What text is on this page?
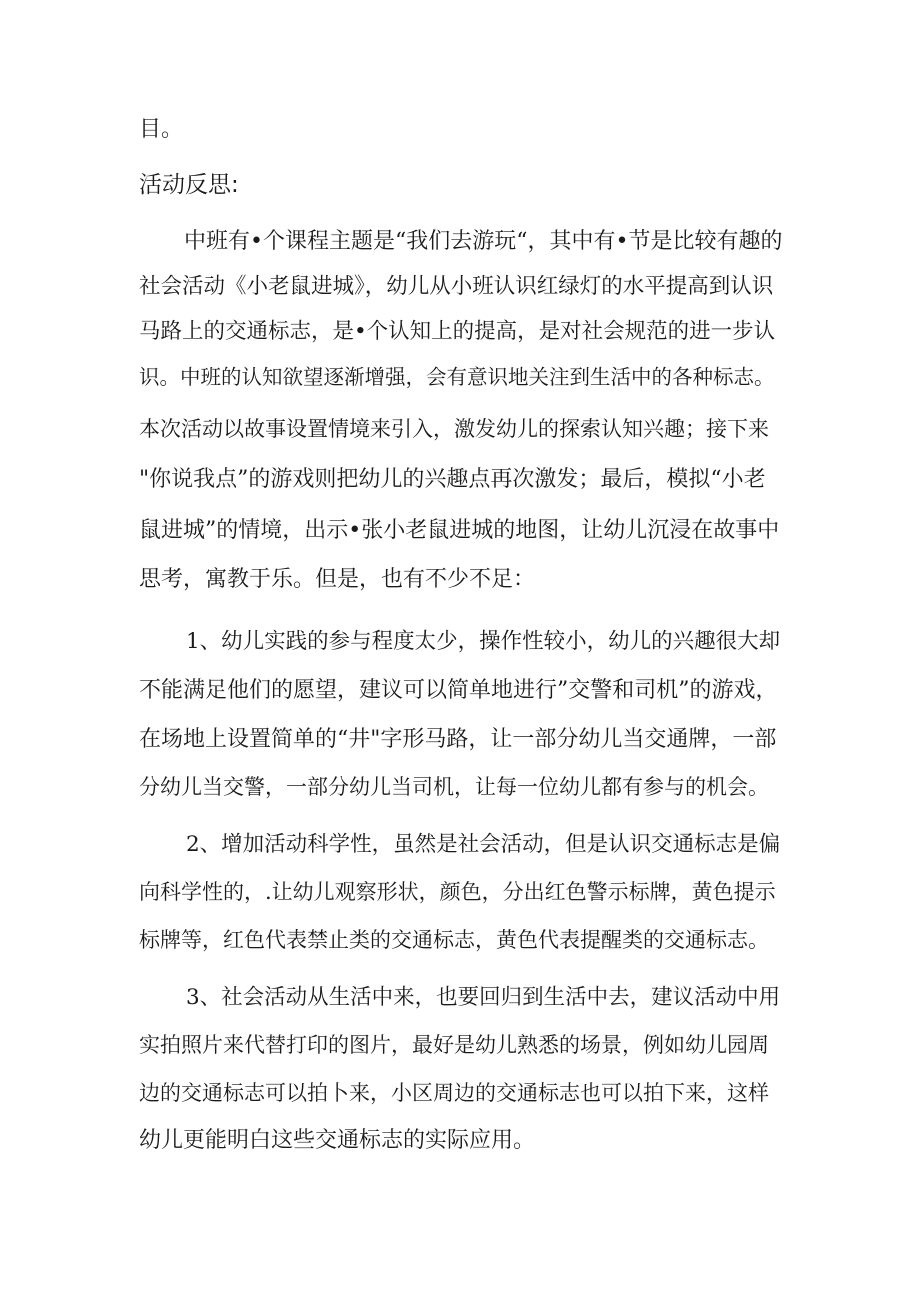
目。

活动反思:

中班有•个课程主题是“我们去游玩“，其中有•节是比较有趣的

社会活动《小老鼠进城》，幼儿从小班认识红绿灯的水平提高到认识

马路上的交通标志，是•个认知上的提高，是对社会规范的进一步认

识。中班的认知欲望逐渐增强，会有意识地关注到生活中的各种标志。

本次活动以故事设置情境来引入，激发幼儿的探索认知兴趣；接下来

"你说我点”的游戏则把幼儿的兴趣点再次激发；最后，模拟“小老

鼠进城”的情境，出示•张小老鼠进城的地图，让幼儿沉浸在故事中

思考，寓教于乐。但是，也有不少不足：

1、幼儿实践的参与程度太少，操作性较小，幼儿的兴趣很大却

不能满足他们的愿望，建议可以简单地进行”交警和司机”的游戏，

在场地上设置简单的“井"字形马路，让一部分幼儿当交通牌，一部

分幼儿当交警，一部分幼儿当司机，让每一位幼儿都有参与的机会。

2、增加活动科学性，虽然是社会活动，但是认识交通标志是偏

向科学性的，.让幼儿观察形状，颜色，分出红色警示标牌，黄色提示

标牌等，红色代表禁止类的交通标志，黄色代表提醒类的交通标志。

3、社会活动从生活中来，也要回归到生活中去，建议活动中用

实拍照片来代替打印的图片，最好是幼儿熟悉的场景，例如幼儿园周

边的交通标志可以拍卜来，小区周边的交通标志也可以拍下来，这样

幼儿更能明白这些交通标志的实际应用。
